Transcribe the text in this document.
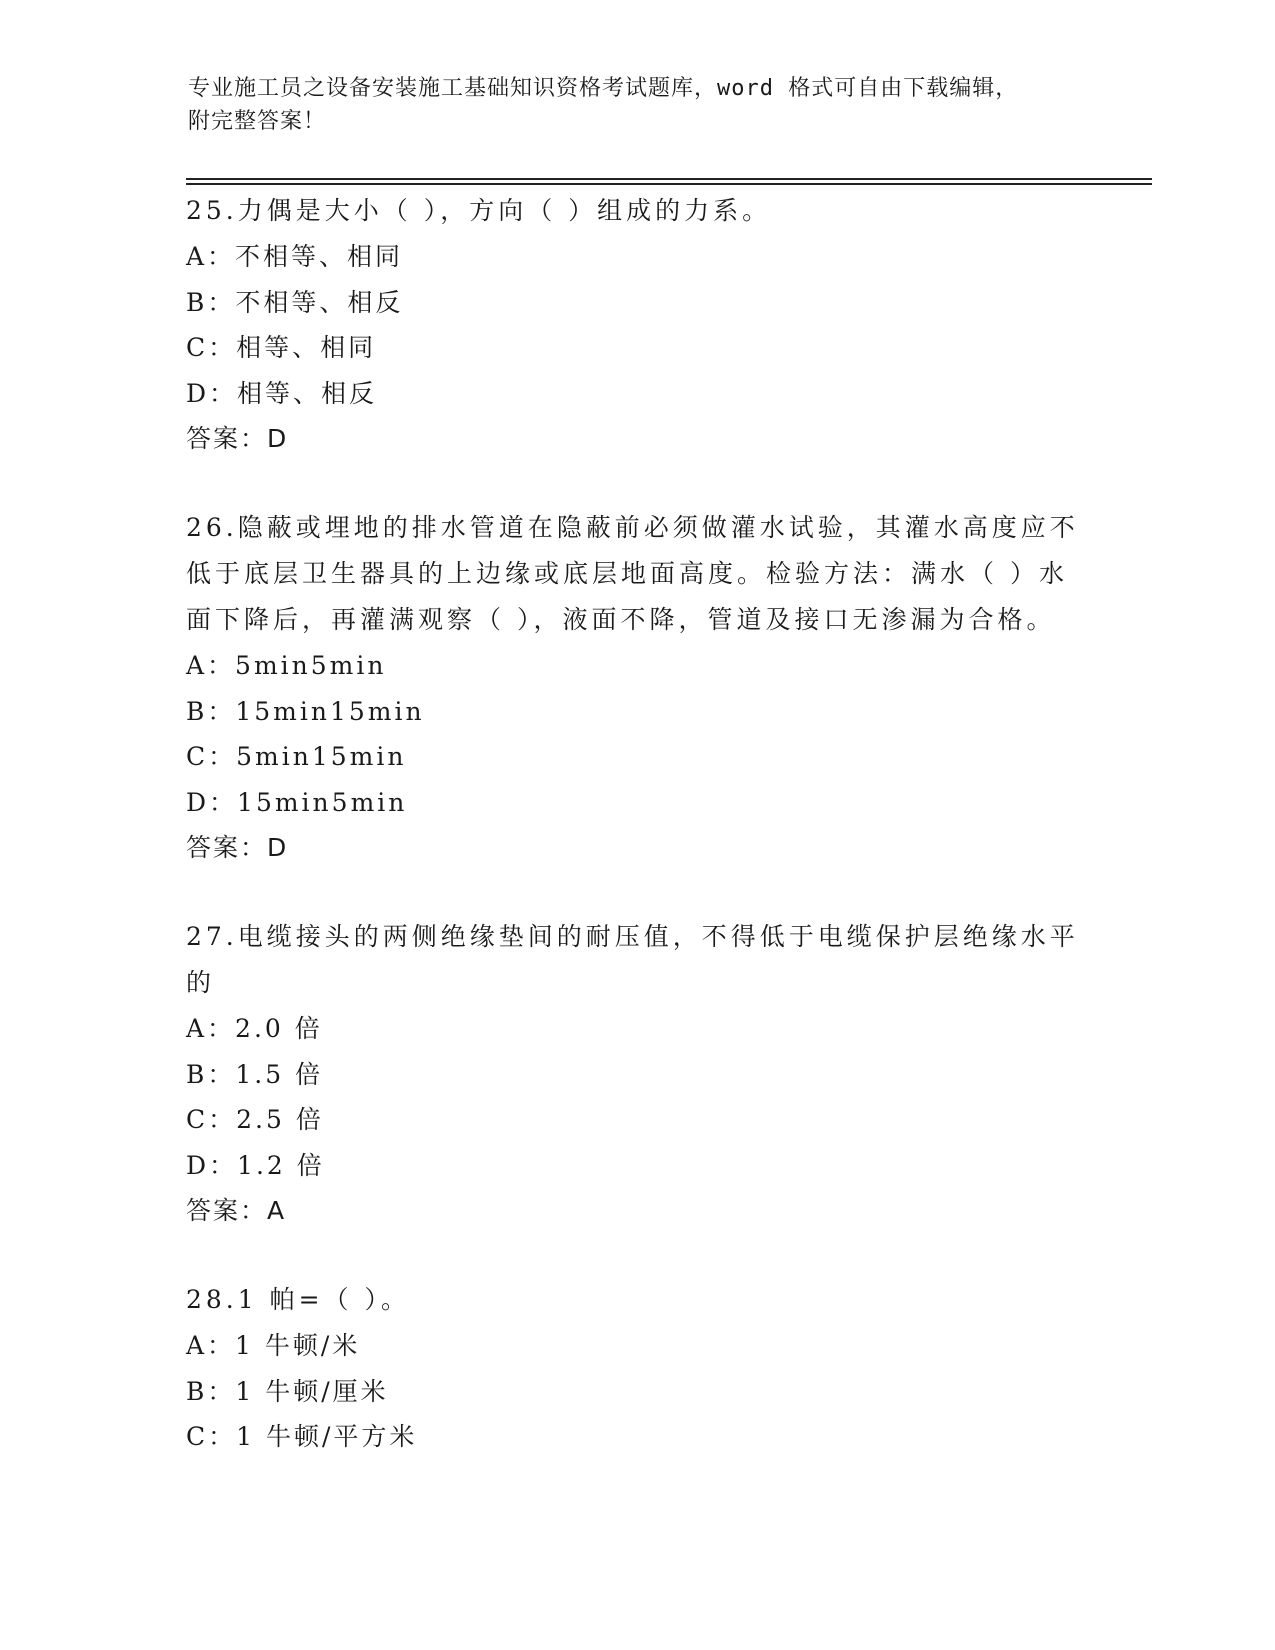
专业施工员之设备安装施工基础知识资格考试题库，word 格式可自由下载编辑，
附完整答案！

25.力偶是大小（ ），方向（ ）组成的力系。

A：不相等、相同

B：不相等、相反

C：相等、相同

D：相等、相反

答案：D

26.隐蔽或埋地的排水管道在隐蔽前必须做灌水试验，其灌水高度应不低于底层卫生器具的上边缘或底层地面高度。检验方法：满水（ ）水面下降后，再灌满观察（ ），液面不降，管道及接口无渗漏为合格。

A：5min5min

B：15min15min

C：5min15min

D：15min5min

答案：D

27.电缆接头的两侧绝缘垫间的耐压值，不得低于电缆保护层绝缘水平的

A：2.0 倍

B：1.5 倍

C：2.5 倍

D：1.2 倍

答案：A

28.1 帕=（ ）。

A：1 牛顿/米

B：1 牛顿/厘米

C：1 牛顿/平方米
